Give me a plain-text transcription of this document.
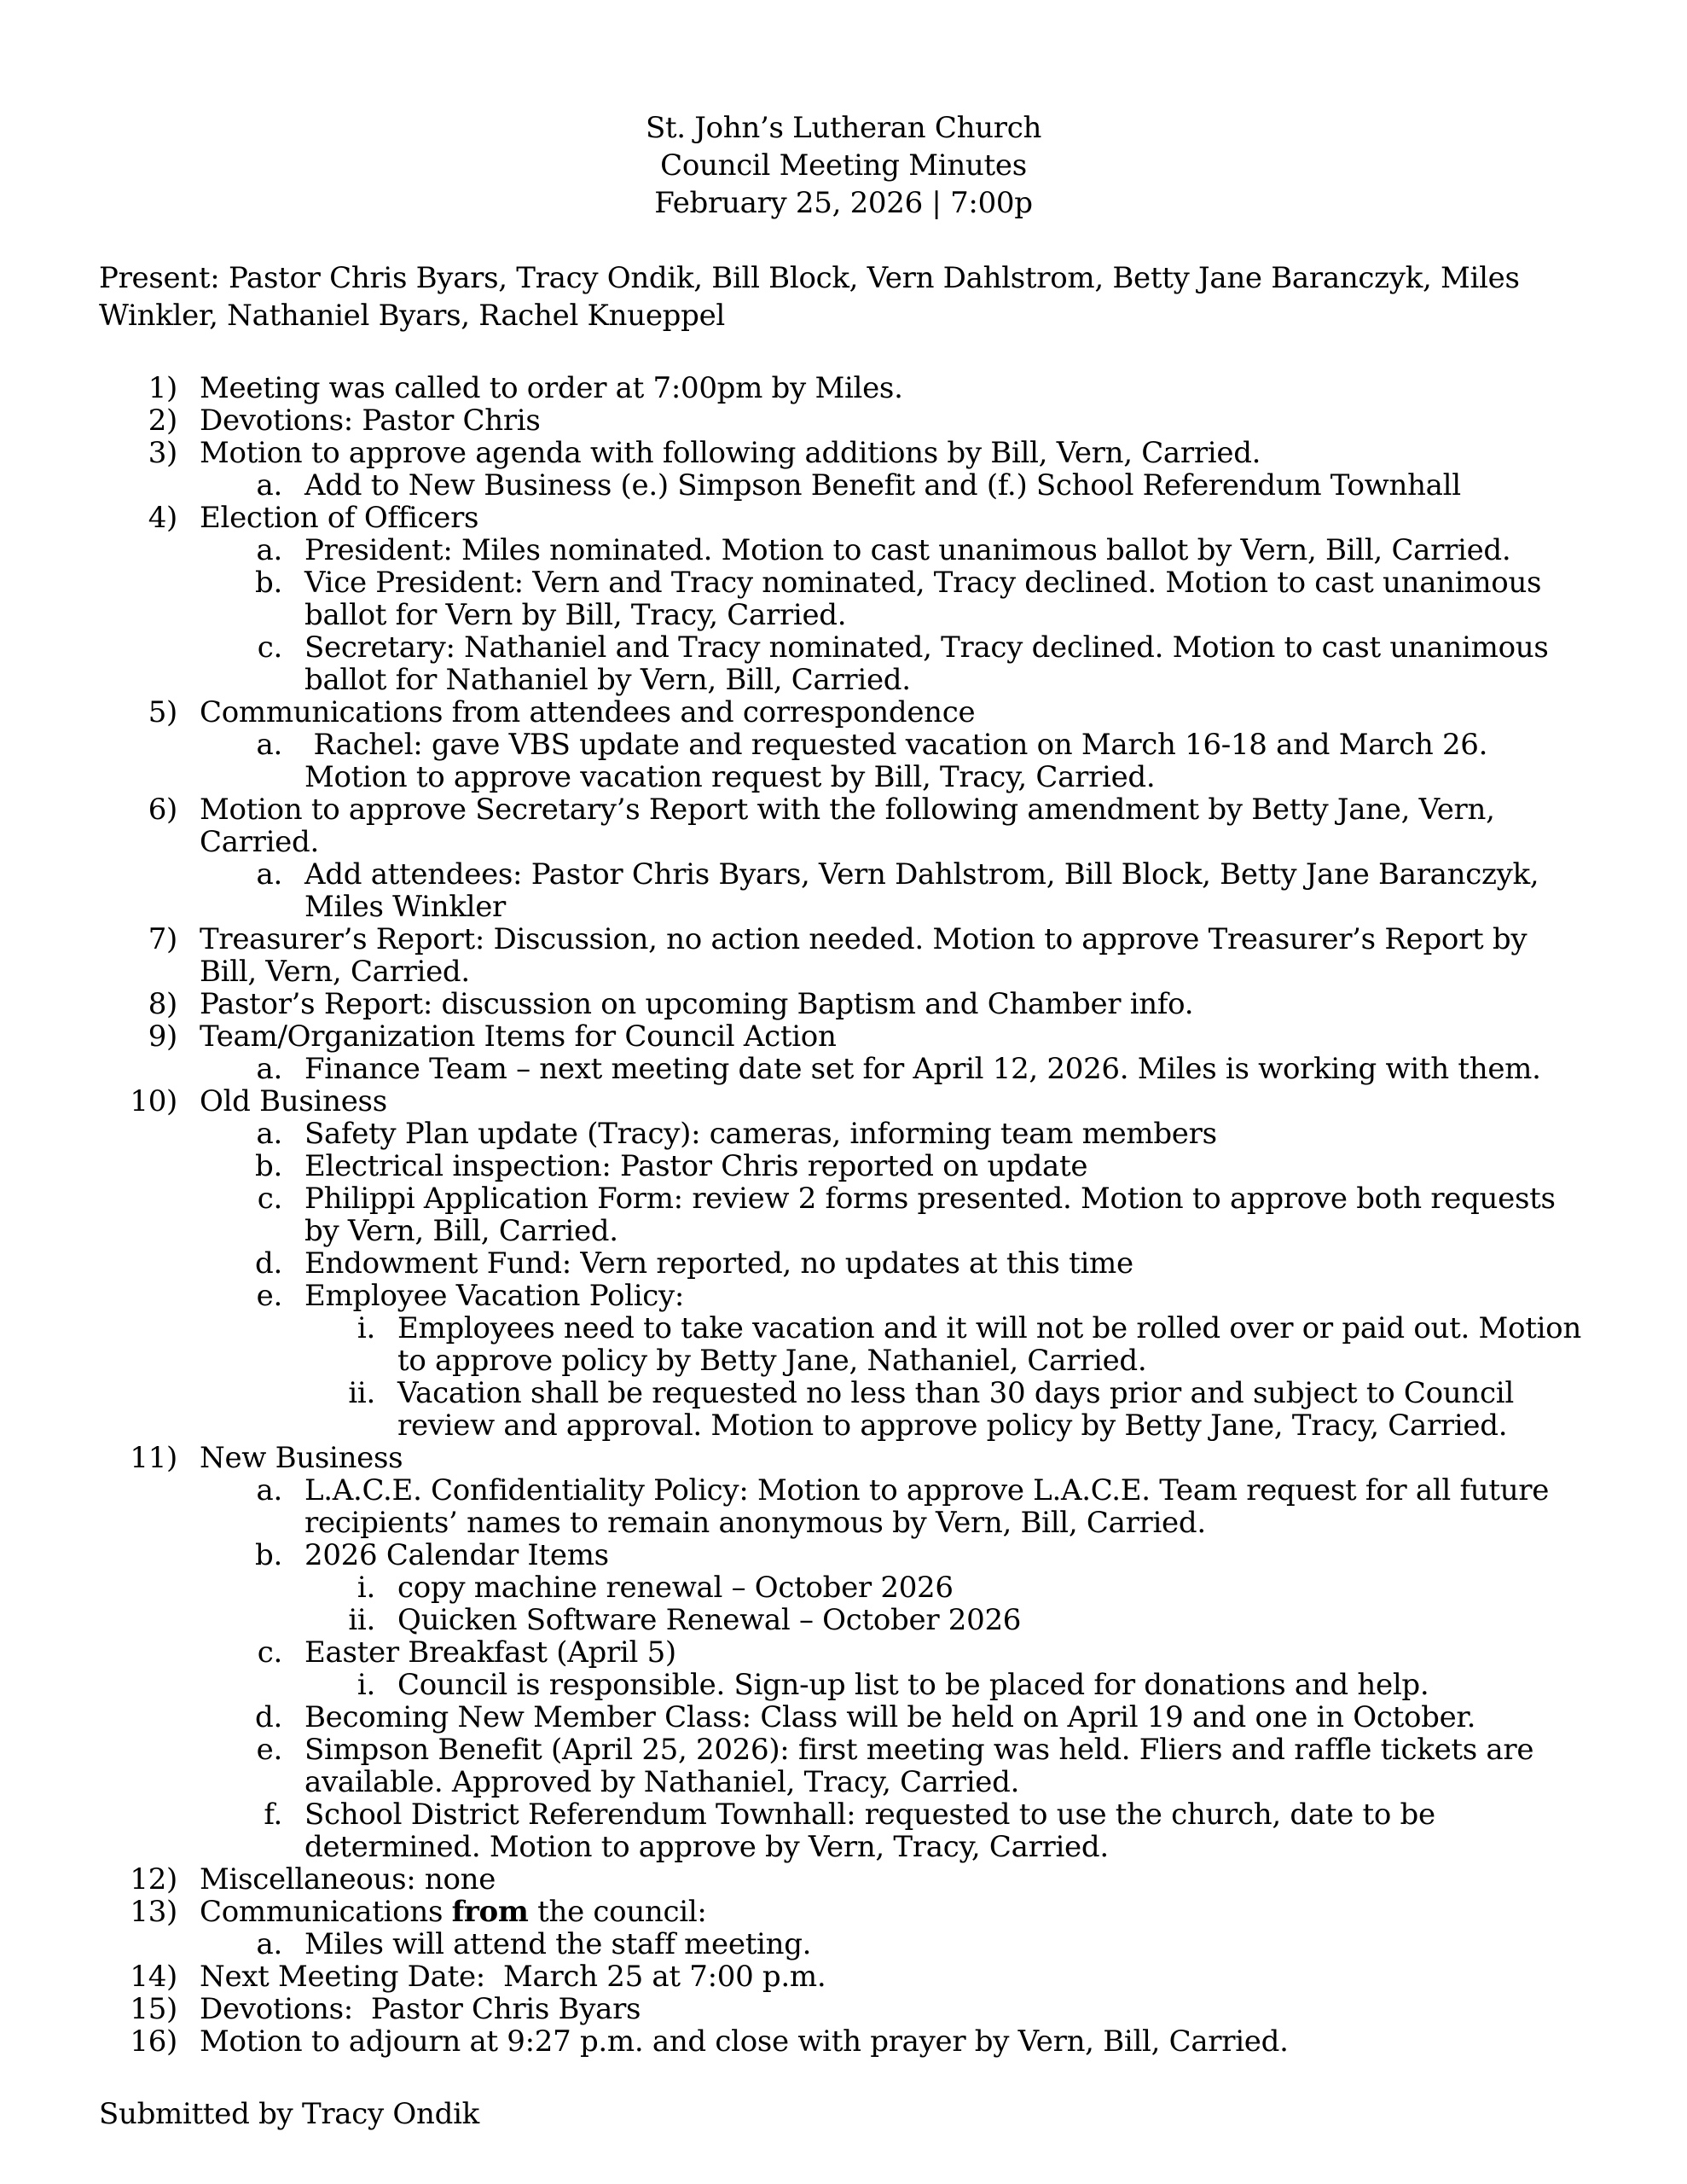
St. John’s Lutheran Church
Council Meeting Minutes
February 25, 2026 | 7:00p

Present: Pastor Chris Byars, Tracy Ondik, Bill Block, Vern Dahlstrom, Betty Jane Baranczyk, Miles Winkler, Nathaniel Byars, Rachel Knueppel

1) Meeting was called to order at 7:00pm by Miles.
2) Devotions: Pastor Chris
3) Motion to approve agenda with following additions by Bill, Vern, Carried.
a. Add to New Business (e.) Simpson Benefit and (f.) School Referendum Townhall
4) Election of Officers
a. President: Miles nominated. Motion to cast unanimous ballot by Vern, Bill, Carried.
b. Vice President: Vern and Tracy nominated, Tracy declined. Motion to cast unanimous ballot for Vern by Bill, Tracy, Carried.
c. Secretary: Nathaniel and Tracy nominated, Tracy declined. Motion to cast unanimous ballot for Nathaniel by Vern, Bill, Carried.
5) Communications from attendees and correspondence
a. Rachel: gave VBS update and requested vacation on March 16-18 and March 26. Motion to approve vacation request by Bill, Tracy, Carried.
6) Motion to approve Secretary’s Report with the following amendment by Betty Jane, Vern, Carried.
a. Add attendees: Pastor Chris Byars, Vern Dahlstrom, Bill Block, Betty Jane Baranczyk, Miles Winkler
7) Treasurer’s Report: Discussion, no action needed. Motion to approve Treasurer’s Report by Bill, Vern, Carried.
8) Pastor’s Report: discussion on upcoming Baptism and Chamber info.
9) Team/Organization Items for Council Action
a. Finance Team – next meeting date set for April 12, 2026. Miles is working with them.
10) Old Business
a. Safety Plan update (Tracy): cameras, informing team members
b. Electrical inspection: Pastor Chris reported on update
c. Philippi Application Form: review 2 forms presented. Motion to approve both requests by Vern, Bill, Carried.
d. Endowment Fund: Vern reported, no updates at this time
e. Employee Vacation Policy:
i. Employees need to take vacation and it will not be rolled over or paid out. Motion to approve policy by Betty Jane, Nathaniel, Carried.
ii. Vacation shall be requested no less than 30 days prior and subject to Council review and approval. Motion to approve policy by Betty Jane, Tracy, Carried.
11) New Business
a. L.A.C.E. Confidentiality Policy: Motion to approve L.A.C.E. Team request for all future recipients’ names to remain anonymous by Vern, Bill, Carried.
b. 2026 Calendar Items
i. copy machine renewal – October 2026
ii. Quicken Software Renewal – October 2026
c. Easter Breakfast (April 5)
i. Council is responsible. Sign-up list to be placed for donations and help.
d. Becoming New Member Class: Class will be held on April 19 and one in October.
e. Simpson Benefit (April 25, 2026): first meeting was held. Fliers and raffle tickets are available. Approved by Nathaniel, Tracy, Carried.
f. School District Referendum Townhall: requested to use the church, date to be determined. Motion to approve by Vern, Tracy, Carried.
12) Miscellaneous: none
13) Communications from the council:
a. Miles will attend the staff meeting.
14) Next Meeting Date:  March 25 at 7:00 p.m.
15) Devotions:  Pastor Chris Byars
16) Motion to adjourn at 9:27 p.m. and close with prayer by Vern, Bill, Carried.

Submitted by Tracy Ondik
